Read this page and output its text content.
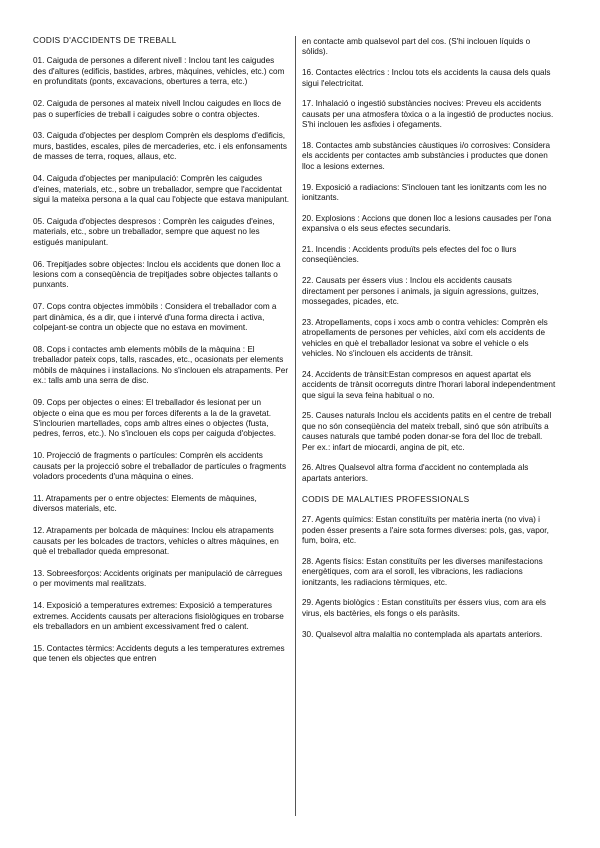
CODIS D'ACCIDENTS DE TREBALL
01. Caiguda de persones a diferent nivell : Inclou tant les caigudes des d'altures (edificis, bastides, arbres, màquines, vehicles, etc.) com en profunditats (ponts, excavacions, obertures a terra, etc.)
02. Caiguda de persones al mateix nivell Inclou caigudes en llocs de pas o superfícies de treball i caigudes sobre o contra objectes.
03. Caiguda d'objectes per desplom Comprèn els desploms d'edificis, murs, bastides, escales, piles de mercaderies, etc. i els enfonsaments de masses de terra, roques, allaus, etc.
04. Caiguda d'objectes per manipulació: Comprèn les caigudes d'eines, materials, etc., sobre un treballador, sempre que l'accidentat sigui la mateixa persona a la qual cau l'objecte que estava manipulant.
05. Caiguda d'objectes despresos : Comprèn les caigudes d'eines, materials, etc., sobre un treballador, sempre que aquest no les estigués manipulant.
06. Trepitjades sobre objectes: Inclou els accidents que donen lloc a lesions com a conseqüència de trepitjades sobre objectes tallants o punxants.
07. Cops contra objectes immòbils : Considera el treballador com a part dinàmica, és a dir, que i intervé d'una forma directa i activa, colpejant-se contra un objecte que no estava en moviment.
08. Cops i contactes amb elements mòbils de la màquina : El treballador pateix cops, talls, rascades, etc., ocasionats per elements mòbils de màquines i installacions. No s'inclouen els atrapaments. Per ex.: talls amb una serra de disc.
09. Cops per objectes o eines: El treballador és lesionat per un objecte o eina que es mou per forces diferents a la de la gravetat. S'inclourien martellades, cops amb altres eines o objectes (fusta, pedres, ferros, etc.). No s'inclouen els cops per caiguda d'objectes.
10. Projecció de fragments o partícules: Comprèn els accidents causats per la projecció sobre el treballador de partícules o fragments voladors procedents d'una màquina o eines.
11. Atrapaments per o entre objectes: Elements de màquines, diversos materials, etc.
12. Atrapaments per bolcada de màquines: Inclou els atrapaments causats per les bolcades de tractors, vehicles o altres màquines, en què el treballador queda empresonat.
13. Sobreesforços: Accidents originats per manipulació de càrregues o per moviments mal realitzats.
14. Exposició a temperatures extremes: Exposició a temperatures extremes. Accidents causats per alteracions fisiològiques en trobarse els treballadors en un ambient excessivament fred o calent.
15. Contactes tèrmics: Accidents deguts a les temperatures extremes que tenen els objectes que entren
en contacte amb qualsevol part del cos. (S'hi inclouen líquids o sòlids).
16. Contactes elèctrics : Inclou tots els accidents la causa dels quals sigui l'electricitat.
17. Inhalació o ingestió substàncies nocives: Preveu els accidents causats per una atmosfera tòxica o a la ingestió de productes nocius. S'hi inclouen les asfixies i ofegaments.
18. Contactes amb substàncies càustiques i/o corrosives: Considera els accidents per contactes amb substàncies i productes que donen lloc a lesions externes.
19. Exposició a radiacions: S'inclouen tant les ionitzants com les no ionitzants.
20. Explosions : Accions que donen lloc a lesions causades per l'ona expansiva o els seus efectes secundaris.
21. Incendis : Accidents produïts pels efectes del foc o llurs conseqüències.
22. Causats per éssers vius : Inclou els accidents causats directament per persones i animals, ja siguin agressions, guitzes, mossegades, picades, etc.
23. Atropellaments, cops i xocs amb o contra vehicles: Comprèn els atropellaments de persones per vehicles, així com els accidents de vehicles en què el treballador lesionat va sobre el vehicle o els vehicles. No s'inclouen els accidents de trànsit.
24. Accidents de trànsit:Estan compresos en aquest apartat els accidents de trànsit ocorreguts dintre l'horari laboral independentment que sigui la seva feina habitual o no.
25. Causes naturals Inclou els accidents patits en el centre de treball que no són conseqüència del mateix treball, sinó que són atribuïts a causes naturals que també poden donar-se fora del lloc de treball. Per ex.: infart de miocardi, angina de pit, etc.
26. Altres Qualsevol altra forma d'accident no contemplada als apartats anteriors.
CODIS DE MALALTIES PROFESSIONALS
27. Agents químics: Estan constituïts per matèria inerta (no viva) i poden ésser presents a l'aire sota formes diverses: pols, gas, vapor, fum, boira, etc.
28. Agents físics: Estan constituïts per les diverses manifestacions energètiques, com ara el soroll, les vibracions, les radiacions ionitzants, les radiacions tèrmiques, etc.
29. Agents biològics : Estan constituïts per éssers vius, com ara els virus, els bactèries, els fongs o els paràsits.
30. Qualsevol altra malaltia no contemplada als apartats anteriors.
